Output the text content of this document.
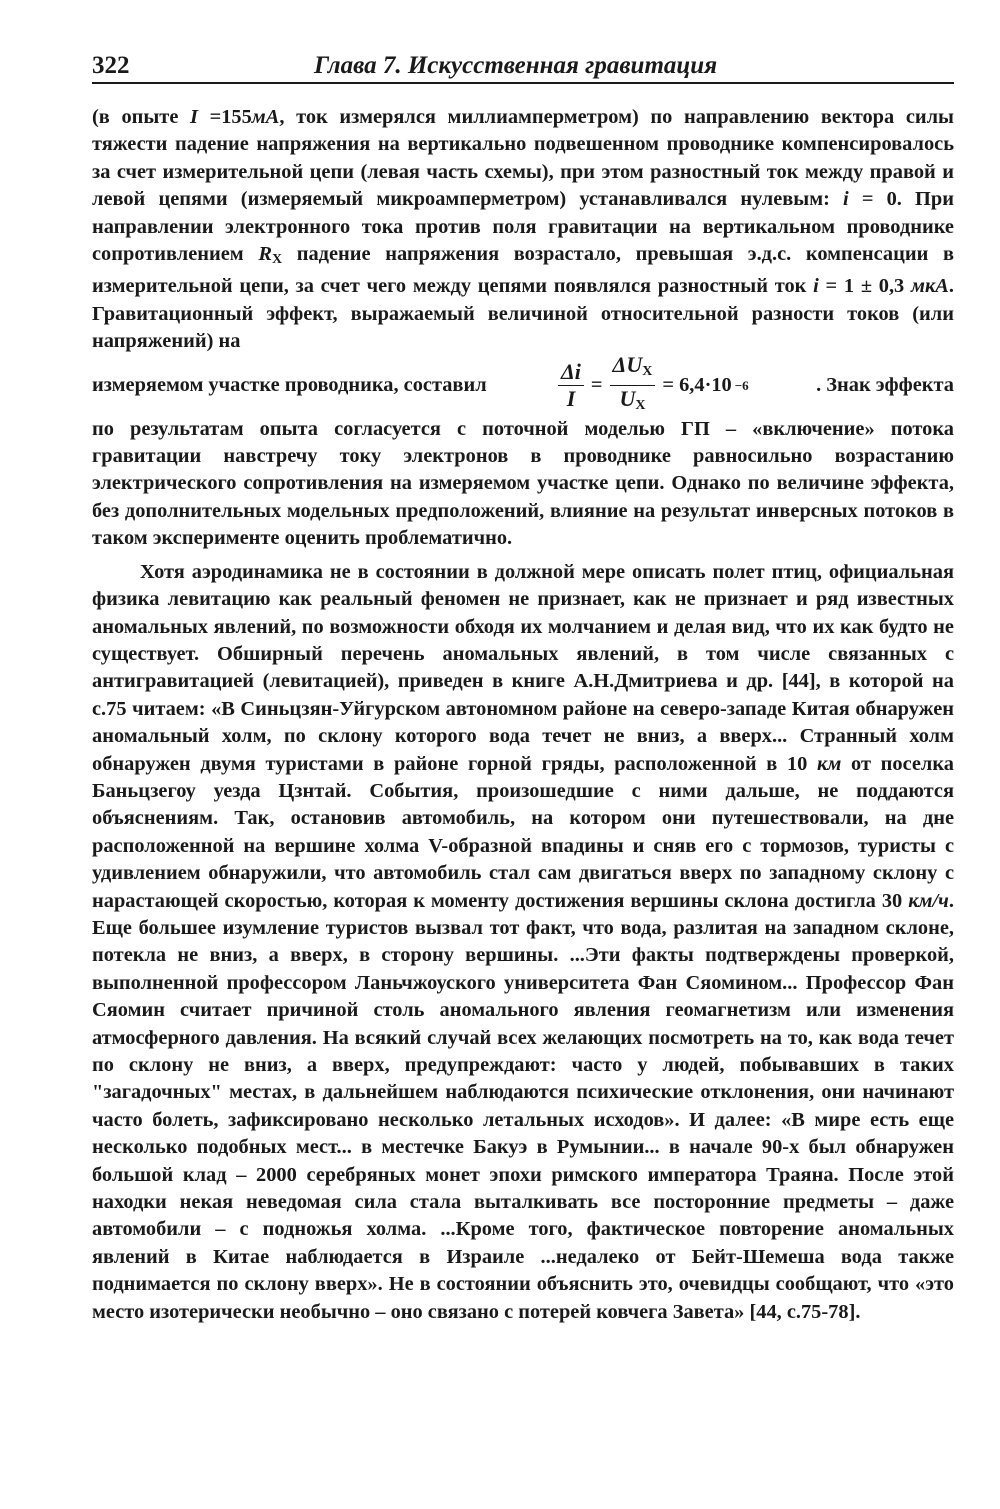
322	Глава 7. Искусственная гравитация

(в опыте I =155мА, ток измерялся миллиамперметром) по направлению вектора силы тяжести падение напряжения на вертикально подвешенном проводнике компенсировалось за счет измерительной цепи (левая часть схемы), при этом разностный ток между правой и левой цепями (измеряемый микроамперметром) устанавливался нулевым: i = 0. При направлении электронного тока против поля гравитации на вертикальном проводнике сопротивлением $R_X$ падение напряжения возрастало, превышая э.д.с. компенсации в измерительной цепи, за счет чего между цепями появлялся разностный ток i = 1 ± 0,3 мкА. Гравитационный эффект, выражаемый величиной относительной разности токов (или напряжений) на

измеряемом участке проводника, составил	$\frac{\Delta i}{I} = \frac{\Delta U_X}{U_X} = 6,4\cdot 10 -6$	. Знак эффекта

по результатам опыта согласуется с поточной моделью ГП – «включение» потока гравитации навстречу току электронов в проводнике равносильно возрастанию электрического сопротивления на измеряемом участке цепи. Однако по величине эффекта, без дополнительных модельных предположений, влияние на результат инверсных потоков в таком эксперименте оценить проблематично.

Хотя аэродинамика не в состоянии в должной мере описать полет птиц, официальная физика левитацию как реальный феномен не признает, как не признает и ряд известных аномальных явлений, по возможности обходя их молчанием и делая вид, что их как будто не существует. Обширный перечень аномальных явлений, в том числе связанных с антигравитацией (левитацией), приведен в книге А.Н.Дмитриева и др. [44], в которой на с.75 читаем: «В Синьцзян-Уйгурском автономном районе на северо-западе Китая обнаружен аномальный холм, по склону которого вода течет не вниз, а вверх... Странный холм обнаружен двумя туристами в районе горной гряды, расположенной в 10 км от поселка Баньцзегоу уезда Цзнтай. События, произошедшие с ними дальше, не поддаются объяснениям. Так, остановив автомобиль, на котором они путешествовали, на дне расположенной на вершине холма V-образной впадины и сняв его с тормозов, туристы с удивлением обнаружили, что автомобиль стал сам двигаться вверх по западному склону с нарастающей скоростью, которая к моменту достижения вершины склона достигла 30 км/ч. Еще большее изумление туристов вызвал тот факт, что вода, разлитая на западном склоне, потекла не вниз, а вверх, в сторону вершины. ...Эти факты подтверждены проверкой, выполненной профессором Ланьчжоуского университета Фан Сяомином... Профессор Фан Сяомин считает причиной столь аномального явления геомагнетизм или изменения атмосферного давления. На всякий случай всех желающих посмотреть на то, как вода течет по склону не вниз, а вверх, предупреждают: часто у людей, побывавших в таких "загадочных" местах, в дальнейшем наблюдаются психические отклонения, они начинают часто болеть, зафиксировано несколько летальных исходов». И далее: «В мире есть еще несколько подобных мест... в местечке Бакуэ в Румынии... в начале 90-х был обнаружен большой клад – 2000 серебряных монет эпохи римского императора Траяна. После этой находки некая неведомая сила стала выталкивать все посторонние предметы – даже автомобили – с подножья холма. ...Кроме того, фактическое повторение аномальных явлений в Китае наблюдается в Израиле ...недалеко от Бейт-Шемеша вода также поднимается по склону вверх». Не в состоянии объяснить это, очевидцы сообщают, что «это место изотерически необычно – оно связано с потерей ковчега Завета» [44, с.75-78].
